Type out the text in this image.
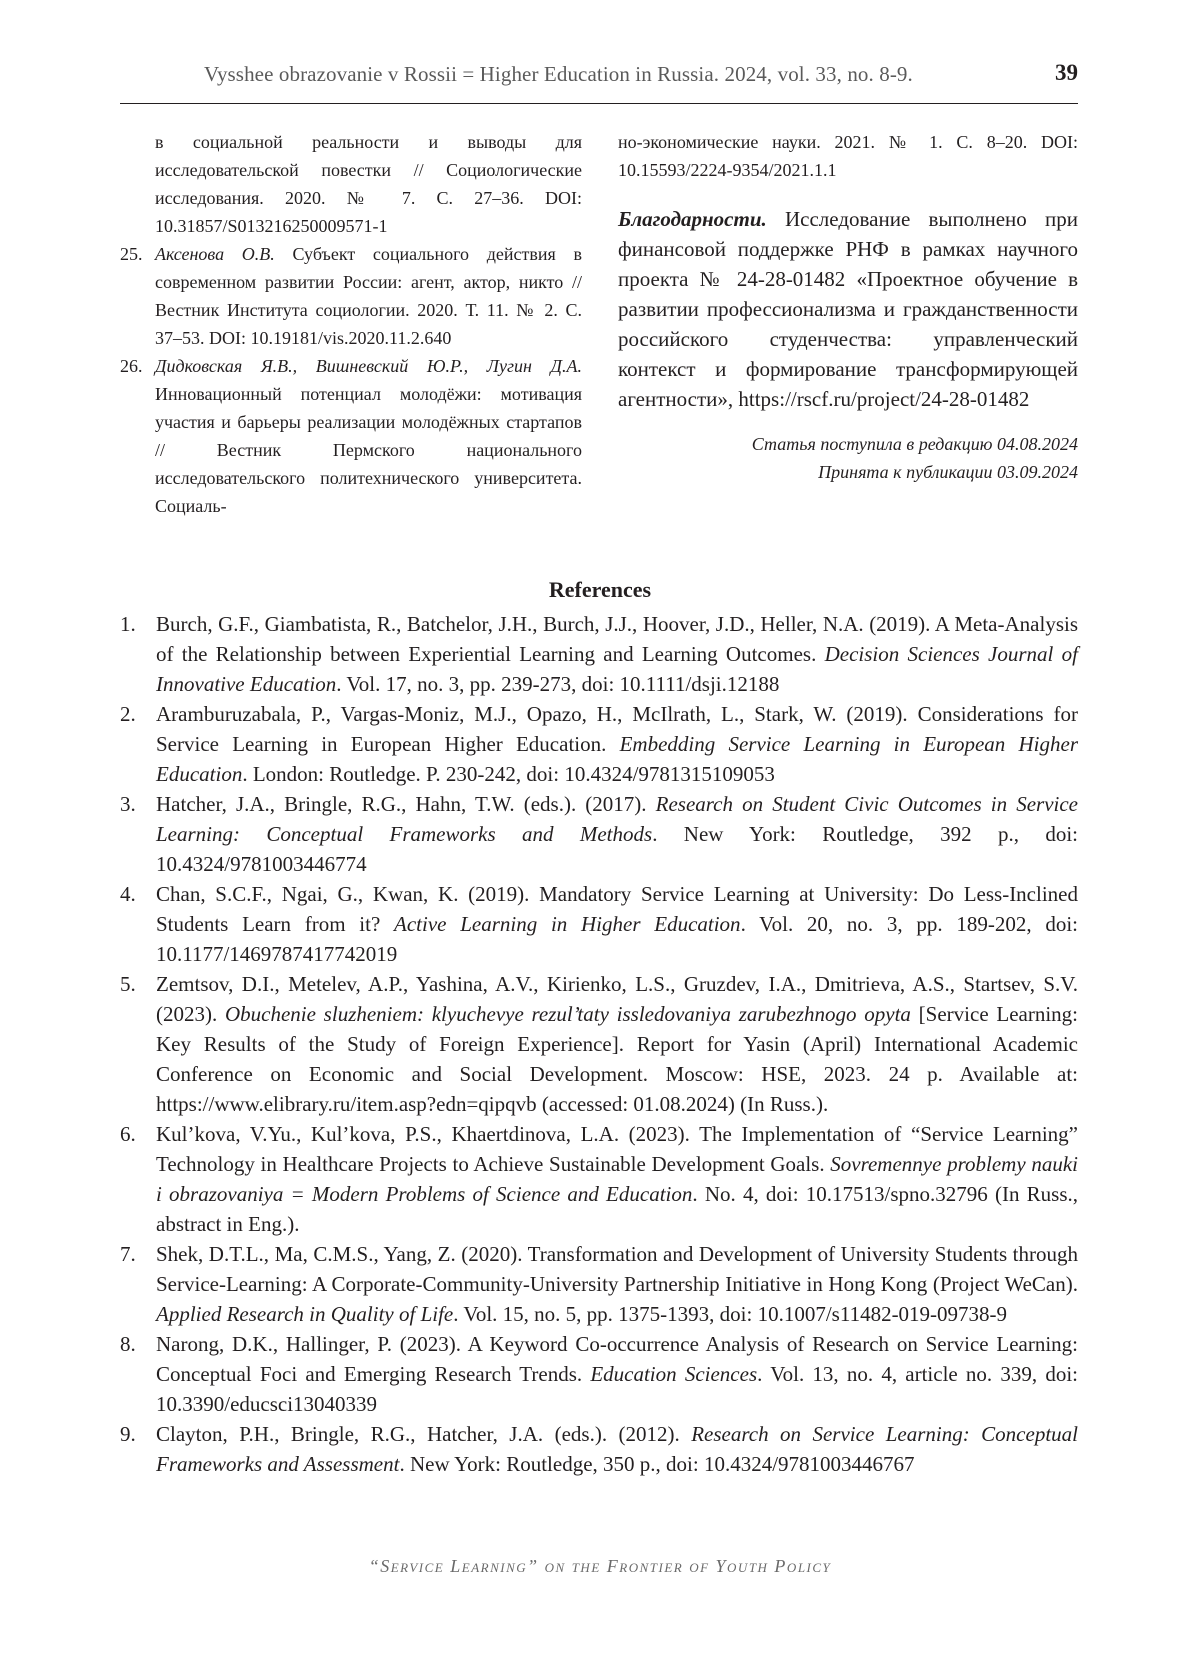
Vysshee obrazovanie v Rossii = Higher Education in Russia. 2024, vol. 33, no. 8-9.	39

в социальной реальности и выводы для исследовательской повестки // Социологические исследования. 2020. № 7. С. 27–36. DOI: 10.31857/S013216250009571-1

25. Аксенова О.В. Субъект социального действия в современном развитии России: агент, актор, никто // Вестник Института социологии. 2020. Т. 11. № 2. С. 37–53. DOI: 10.19181/vis.2020.11.2.640

26. Дидковская Я.В., Вишневский Ю.Р., Лугин Д.А. Инновационный потенциал молодёжи: мотивация участия и барьеры реализации молодёжных стартапов // Вестник Пермского национального исследовательского политехнического университета. Социаль-

но-экономические науки. 2021. № 1. С. 8–20. DOI: 10.15593/2224-9354/2021.1.1

Благодарности. Исследование выполнено при финансовой поддержке РНФ в рамках научного проекта № 24-28-01482 «Проектное обучение в развитии профессионализма и гражданственности российского студенчества: управленческий контекст и формирование трансформирующей агентности», https://rscf.ru/project/24-28-01482

Статья поступила в редакцию 04.08.2024
Принята к публикации 03.09.2024
References

1. Burch, G.F., Giambatista, R., Batchelor, J.H., Burch, J.J., Hoover, J.D., Heller, N.A. (2019). A Meta-Analysis of the Relationship between Experiential Learning and Learning Outcomes. Decision Sciences Journal of Innovative Education. Vol. 17, no. 3, pp. 239-273, doi: 10.1111/dsji.12188

2. Aramburuzabala, P., Vargas-Moniz, M.J., Opazo, H., McIlrath, L., Stark, W. (2019). Considerations for Service Learning in European Higher Education. Embedding Service Learning in European Higher Education. London: Routledge. P. 230-242, doi: 10.4324/9781315109053

3. Hatcher, J.A., Bringle, R.G., Hahn, T.W. (eds.). (2017). Research on Student Civic Outcomes in Service Learning: Conceptual Frameworks and Methods. New York: Routledge, 392 p., doi: 10.4324/9781003446774

4. Chan, S.C.F., Ngai, G., Kwan, K. (2019). Mandatory Service Learning at University: Do Less-Inclined Students Learn from it? Active Learning in Higher Education. Vol. 20, no. 3, pp. 189-202, doi: 10.1177/1469787417742019

5. Zemtsov, D.I., Metelev, A.P., Yashina, A.V., Kirienko, L.S., Gruzdev, I.A., Dmitrieva, A.S., Startsev, S.V. (2023). Obuchenie sluzheniem: klyuchevye rezul’taty issledovaniya zarubezhnogo opyta [Service Learning: Key Results of the Study of Foreign Experience]. Report for Yasin (April) International Academic Conference on Economic and Social Development. Moscow: HSE, 2023. 24 p. Available at: https://www.elibrary.ru/item.asp?edn=qipqvb (accessed: 01.08.2024) (In Russ.).

6. Kul’kova, V.Yu., Kul’kova, P.S., Khaertdinova, L.A. (2023). The Implementation of “Service Learning” Technology in Healthcare Projects to Achieve Sustainable Development Goals. Sovremennye problemy nauki i obrazovaniya = Modern Problems of Science and Education. No. 4, doi: 10.17513/spno.32796 (In Russ., abstract in Eng.).

7. Shek, D.T.L., Ma, C.M.S., Yang, Z. (2020). Transformation and Development of University Students through Service-Learning: A Corporate-Community-University Partnership Initiative in Hong Kong (Project WeCan). Applied Research in Quality of Life. Vol. 15, no. 5, pp. 1375-1393, doi: 10.1007/s11482-019-09738-9

8. Narong, D.K., Hallinger, P. (2023). A Keyword Co-occurrence Analysis of Research on Service Learning: Conceptual Foci and Emerging Research Trends. Education Sciences. Vol. 13, no. 4, article no. 339, doi: 10.3390/educsci13040339

9. Clayton, P.H., Bringle, R.G., Hatcher, J.A. (eds.). (2012). Research on Service Learning: Conceptual Frameworks and Assessment. New York: Routledge, 350 p., doi: 10.4324/9781003446767

“Service Learning” on the Frontier of Youth Policy
